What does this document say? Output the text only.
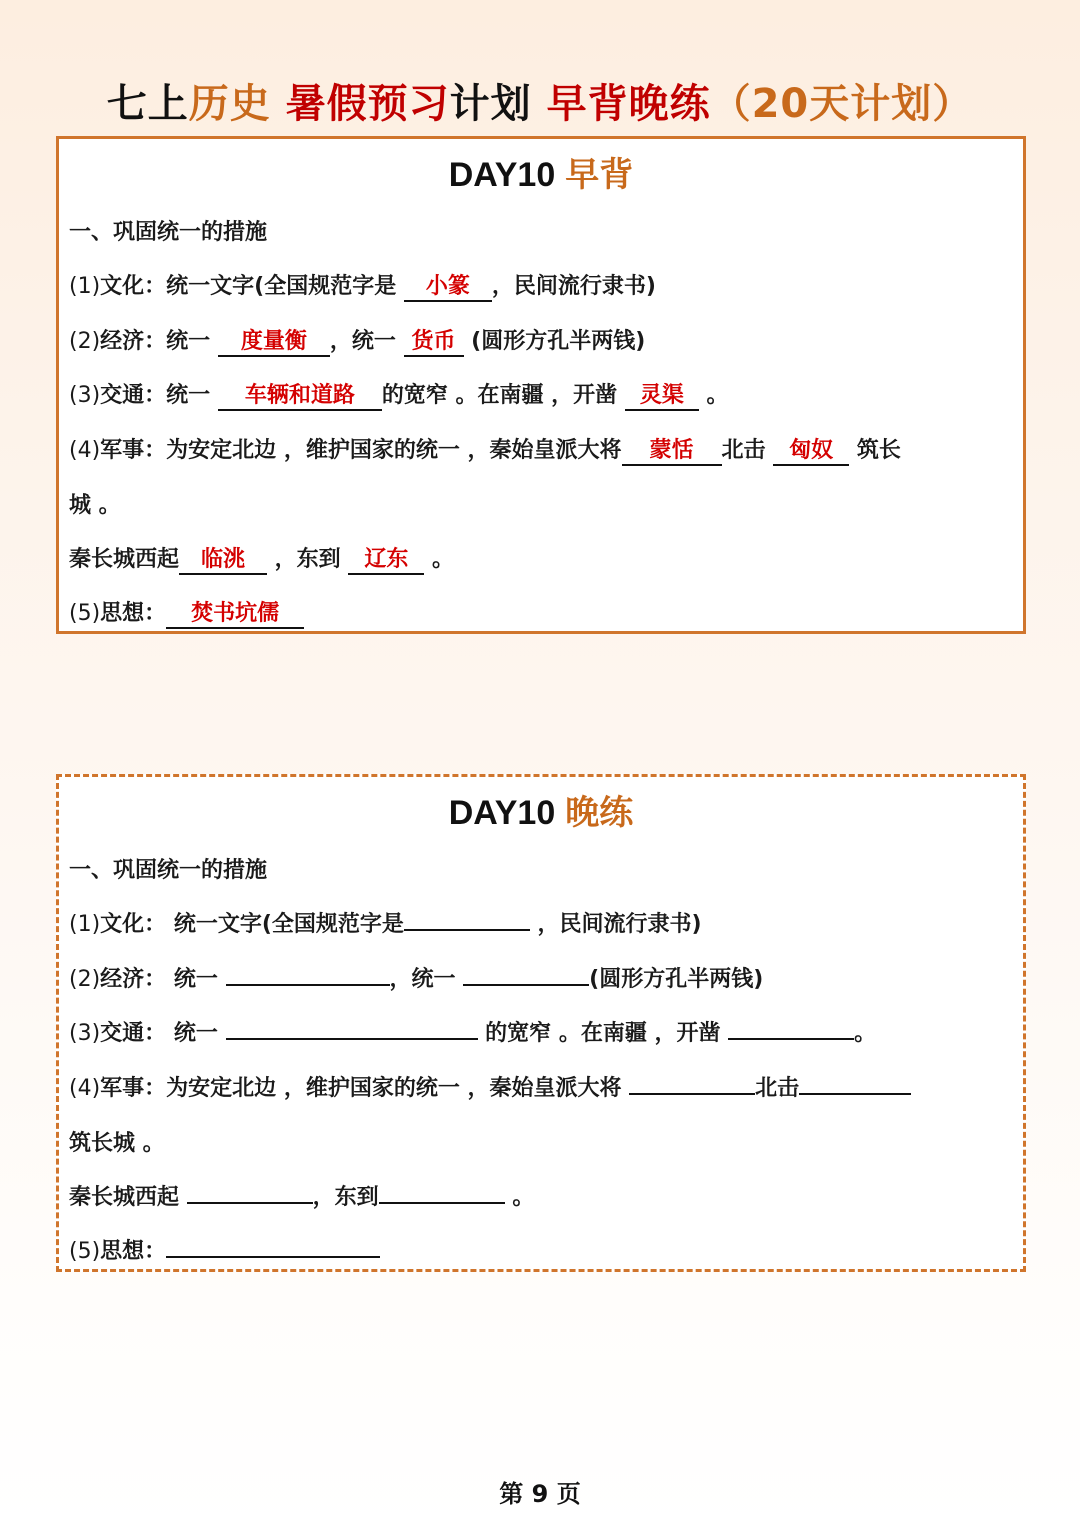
七上历史 暑假预习计划 早背晚练（20天计划）
DAY10 早背
一、巩固统一的措施
(1)文化：统一文字(全国规范字是 小篆 ，民间流行隶书)
(2)经济：统一 度量衡 ，统一 货币 (圆形方孔半两钱)
(3)交通：统一 车辆和道路 的宽窄 。在南疆 ，开凿 灵渠 。
(4)军事：为安定北边 ，维护国家的统一 ，秦始皇派大将 蒙恬 北击 匈奴 筑长
城 。
秦长城西起 临洮 ，东到 辽东 。
(5)思想： 焚书坑儒
DAY10 晚练
一、巩固统一的措施
(1)文化： 统一文字(全国规范字是	，民间流行隶书)
(2)经济： 统一	，统一	(圆形方孔半两钱)
(3)交通： 统一	的宽窄 。在南疆 ，开凿	。
(4)军事：为安定北边 ，维护国家的统一 ，秦始皇派大将	北击
筑长城 。
秦长城西起	，东到	。
(5)思想：
第 9 页
